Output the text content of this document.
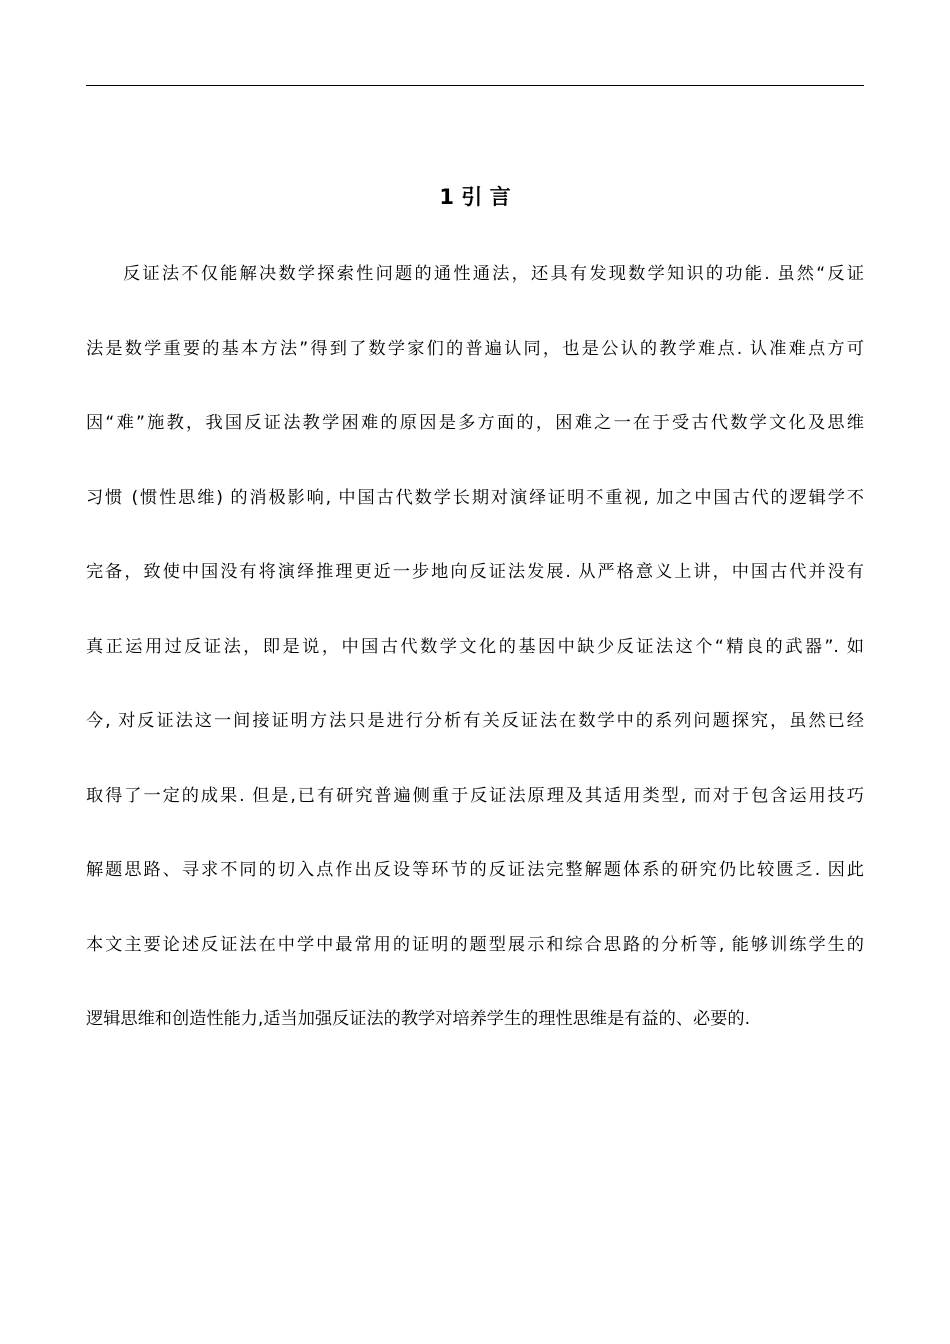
1 引 言
反证法不仅能解决数学探索性问题的通性通法，还具有发现数学知识的功能. 虽然“反证
法是数学重要的基本方法”得到了数学家们的普遍认同，也是公认的教学难点. 认准难点方可
因“难”施教，我国反证法教学困难的原因是多方面的，困难之一在于受古代数学文化及思维
习惯 (惯性思维) 的消极影响, 中国古代数学长期对演绎证明不重视, 加之中国古代的逻辑学不
完备，致使中国没有将演绎推理更近一步地向反证法发展. 从严格意义上讲，中国古代并没有
真正运用过反证法，即是说，中国古代数学文化的基因中缺少反证法这个“精良的武器”. 如
今, 对反证法这一间接证明方法只是进行分析有关反证法在数学中的系列问题探究，虽然已经
取得了一定的成果. 但是,已有研究普遍侧重于反证法原理及其适用类型, 而对于包含运用技巧
解题思路、寻求不同的切入点作出反设等环节的反证法完整解题体系的研究仍比较匮乏. 因此
本文主要论述反证法在中学中最常用的证明的题型展示和综合思路的分析等, 能够训练学生的
逻辑思维和创造性能力,适当加强反证法的教学对培养学生的理性思维是有益的、必要的.
